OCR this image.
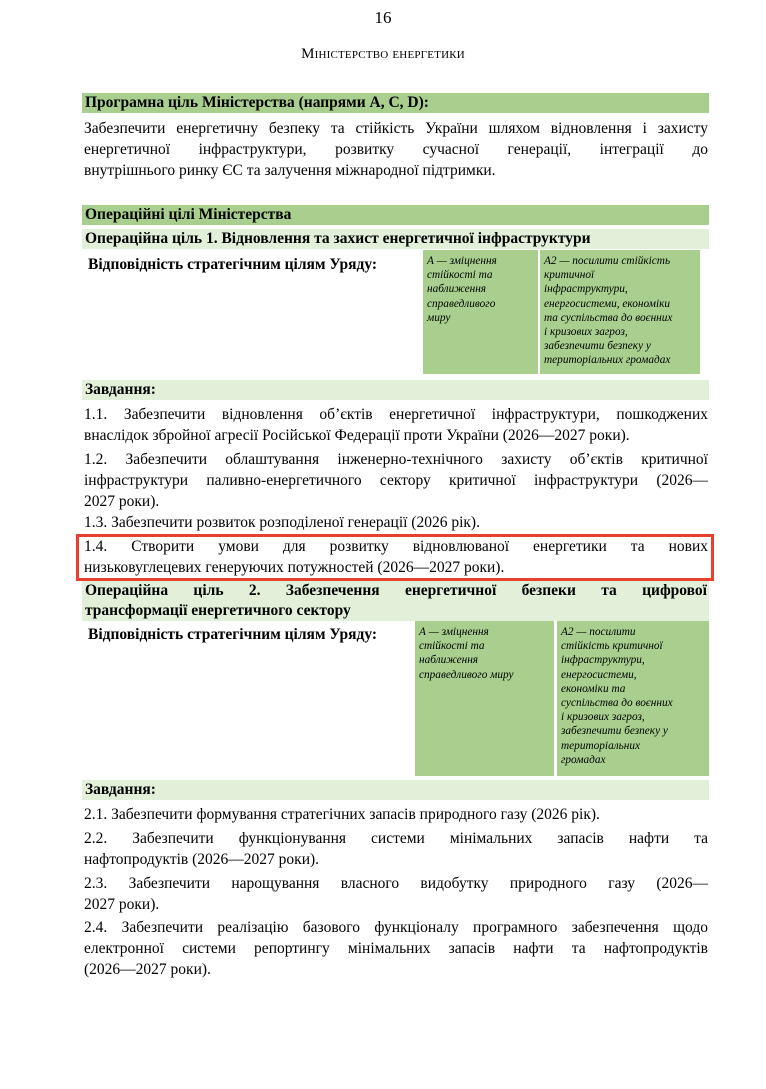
16
Міністерство енергетики
Програмна ціль Міністерства (напрями A, C, D):
Забезпечити енергетичну безпеку та стійкість України шляхом відновлення і захисту
енергетичної інфраструктури, розвитку сучасної генерації, інтеграції до
внутрішнього ринку ЄС та залучення міжнародної підтримки.
Операційні цілі Міністерства
Операційна ціль 1. Відновлення та захист енергетичної інфраструктури
Відповідність стратегічним цілям Уряду:	А — зміцнення
стійкості та
наближення
справедливого
миру
А2 — посилити стійкість
критичної
інфраструктури,
енергосистеми, економіки
та суспільства до воєнних
і кризових загроз,
забезпечити безпеку у
територіальних громадах
Завдання:
1.1. Забезпечити відновлення об’єктів енергетичної інфраструктури, пошкоджених
внаслідок збройної агресії Російської Федерації проти України (2026—2027 роки).
1.2. Забезпечити облаштування інженерно-технічного захисту об’єктів критичної
інфраструктури паливно-енергетичного сектору критичної інфраструктури (2026—
2027 роки).
1.3. Забезпечити розвиток розподіленої генерації (2026 рік).
1.4. Створити умови для розвитку відновлюваної енергетики та нових
низьковуглецевих генеруючих потужностей (2026—2027 роки).
Операційна ціль 2. Забезпечення енергетичної безпеки та цифрової
трансформації енергетичного сектору
Відповідність стратегічним цілям Уряду:	А — зміцнення
стійкості та
наближення
справедливого миру
А2 — посилити
стійкість критичної
інфраструктури,
енергосистеми,
економіки та
суспільства до воєнних
і кризових загроз,
забезпечити безпеку у
територіальних
громадах
Завдання:
2.1. Забезпечити формування стратегічних запасів природного газу (2026 рік).
2.2. Забезпечити функціонування системи мінімальних запасів нафти та
нафтопродуктів (2026—2027 роки).
2.3. Забезпечити нарощування власного видобутку природного газу (2026—
2027 роки).
2.4. Забезпечити реалізацію базового функціоналу програмного забезпечення щодо
електронної системи репортингу мінімальних запасів нафти та нафтопродуктів
(2026—2027 роки).
